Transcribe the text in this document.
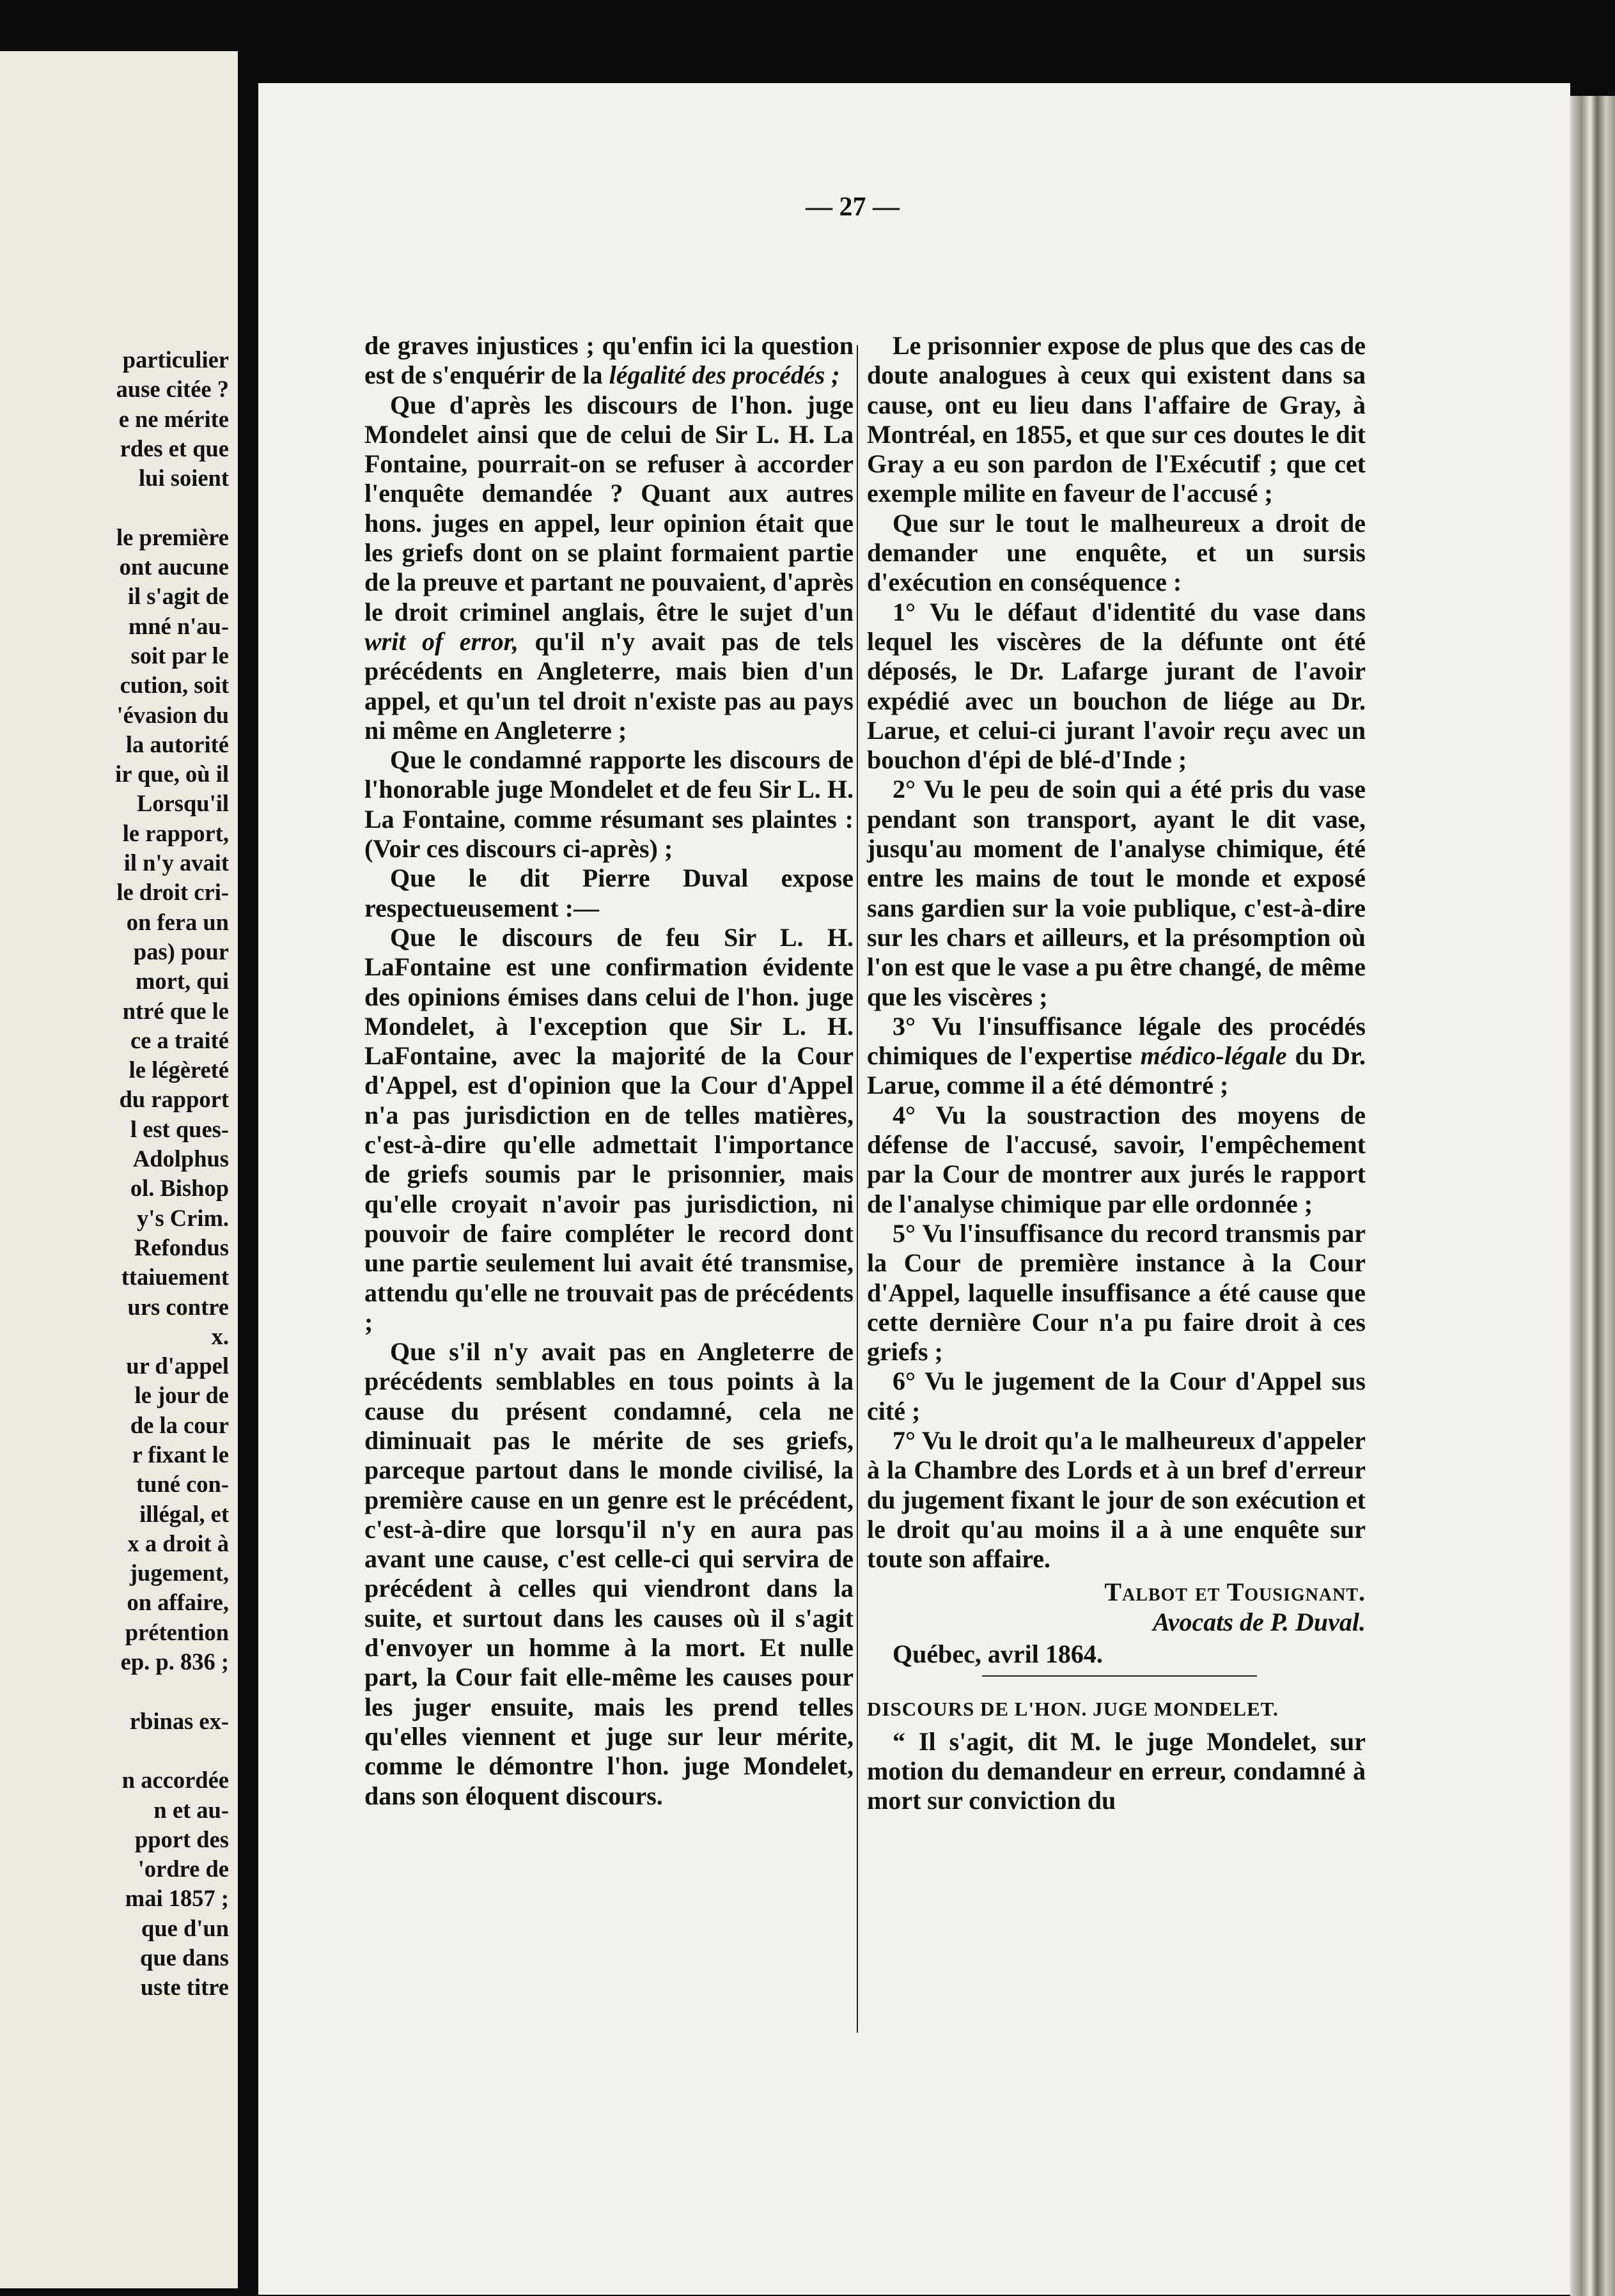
particulier
ause citée ?
e ne mérite
rdes et que
lui soient

le première
ont aucune
il s'agit de
mné n'au-
soit par le
cution, soit
'évasion du
la autorité
ir que, où il
Lorsqu'il
le rapport,
il n'y avait
le droit cri-
on fera un
pas) pour
mort, qui
ntré que le
ce a traité
le légèreté
du rapport
l est ques-
Adolphus
ol. Bishop
y's Crim.
Refondus
ttaiuement
urs contre
x.
ur d'appel
le jour de
de la cour
r fixant le
tuné con-
illégal, et
x a droit à
jugement,
on affaire,
prétention
ep. p. 836 ;

rbinas ex-

n accordée
n et au-
pport des
'ordre de
mai 1857 ;
que d'un
que dans
uste titre
— 27 —

de graves injustices ; qu'enfin ici la question est de s'enquérir de la légalité des procédés ;

Que d'après les discours de l'hon. juge Mondelet ainsi que de celui de Sir L. H. La Fontaine, pourrait-on se refuser à accorder l'enquête demandée ? Quant aux autres hons. juges en appel, leur opinion était que les griefs dont on se plaint formaient partie de la preuve et partant ne pouvaient, d'après le droit criminel anglais, être le sujet d'un writ of error, qu'il n'y avait pas de tels précédents en Angleterre, mais bien d'un appel, et qu'un tel droit n'existe pas au pays ni même en Angleterre ;

Que le condamné rapporte les discours de l'honorable juge Mondelet et de feu Sir L. H. La Fontaine, comme résumant ses plaintes : (Voir ces discours ci-après) ;

Que le dit Pierre Duval expose respectueusement :—

Que le discours de feu Sir L. H. LaFontaine est une confirmation évidente des opinions émises dans celui de l'hon. juge Mondelet, à l'exception que Sir L. H. LaFontaine, avec la majorité de la Cour d'Appel, est d'opinion que la Cour d'Appel n'a pas jurisdiction en de telles matières, c'est-à-dire qu'elle admettait l'importance de griefs soumis par le prisonnier, mais qu'elle croyait n'avoir pas jurisdiction, ni pouvoir de faire compléter le record dont une partie seulement lui avait été transmise, attendu qu'elle ne trouvait pas de précédents ;

Que s'il n'y avait pas en Angleterre de précédents semblables en tous points à la cause du présent condamné, cela ne diminuait pas le mérite de ses griefs, parceque partout dans le monde civilisé, la première cause en un genre est le précédent, c'est-à-dire que lorsqu'il n'y en aura pas avant une cause, c'est celle-ci qui servira de précédent à celles qui viendront dans la suite, et surtout dans les causes où il s'agit d'envoyer un homme à la mort. Et nulle part, la Cour fait elle-même les causes pour les juger ensuite, mais les prend telles qu'elles viennent et juge sur leur mérite, comme le démontre l'hon. juge Mondelet, dans son éloquent discours.

Le prisonnier expose de plus que des cas de doute analogues à ceux qui existent dans sa cause, ont eu lieu dans l'affaire de Gray, à Montréal, en 1855, et que sur ces doutes le dit Gray a eu son pardon de l'Exécutif ; que cet exemple milite en faveur de l'accusé ;

Que sur le tout le malheureux a droit de demander une enquête, et un sursis d'exécution en conséquence :

1° Vu le défaut d'identité du vase dans lequel les viscères de la défunte ont été déposés, le Dr. Lafarge jurant de l'avoir expédié avec un bouchon de liége au Dr. Larue, et celui-ci jurant l'avoir reçu avec un bouchon d'épi de blé-d'Inde ;

2° Vu le peu de soin qui a été pris du vase pendant son transport, ayant le dit vase, jusqu'au moment de l'analyse chimique, été entre les mains de tout le monde et exposé sans gardien sur la voie publique, c'est-à-dire sur les chars et ailleurs, et la présomption où l'on est que le vase a pu être changé, de même que les viscères ;

3° Vu l'insuffisance légale des procédés chimiques de l'expertise médico-légale du Dr. Larue, comme il a été démontré ;

4° Vu la soustraction des moyens de défense de l'accusé, savoir, l'empêchement par la Cour de montrer aux jurés le rapport de l'analyse chimique par elle ordonnée ;

5° Vu l'insuffisance du record transmis par la Cour de première instance à la Cour d'Appel, laquelle insuffisance a été cause que cette dernière Cour n'a pu faire droit à ces griefs ;

6° Vu le jugement de la Cour d'Appel sus cité ;

7° Vu le droit qu'a le malheureux d'appeler à la Chambre des Lords et à un bref d'erreur du jugement fixant le jour de son exécution et le droit qu'au moins il a à une enquête sur toute son affaire.

Talbot et Tousignant.

Avocats de P. Duval.

Québec, avril 1864.

DISCOURS DE L'HON. JUGE MONDELET.

“ Il s'agit, dit M. le juge Mondelet, sur motion du demandeur en erreur, condamné à mort sur conviction du
